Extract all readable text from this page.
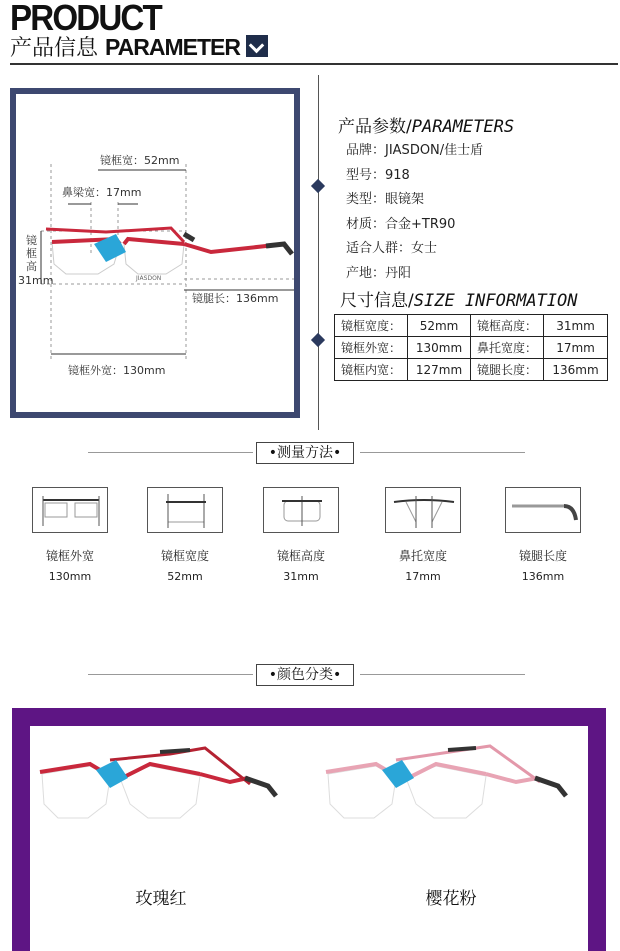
PRODUCT
产品信息 PARAMETER
镜框宽：52mm
鼻梁宽：17mm
镜框高
31mm
镜腿长：136mm
镜框外宽：130mm
JIASDON
产品参数/PARAMETERS
品牌：JIASDON/佳士盾
型号：918
类型：眼镜架
材质：合金+TR90
适合人群：女士
产地：丹阳
尺寸信息/SIZE INFORMATION
镜框宽度：	52mm	镜框高度：	31mm
镜框外宽：	130mm	鼻托宽度：	17mm
镜框内宽：	127mm	镜腿长度：	136mm
•测量方法•
镜框外宽
130mm
镜框宽度
52mm
镜框高度
31mm
鼻托宽度
17mm
镜腿长度
136mm
•颜色分类•
玫瑰红	樱花粉
